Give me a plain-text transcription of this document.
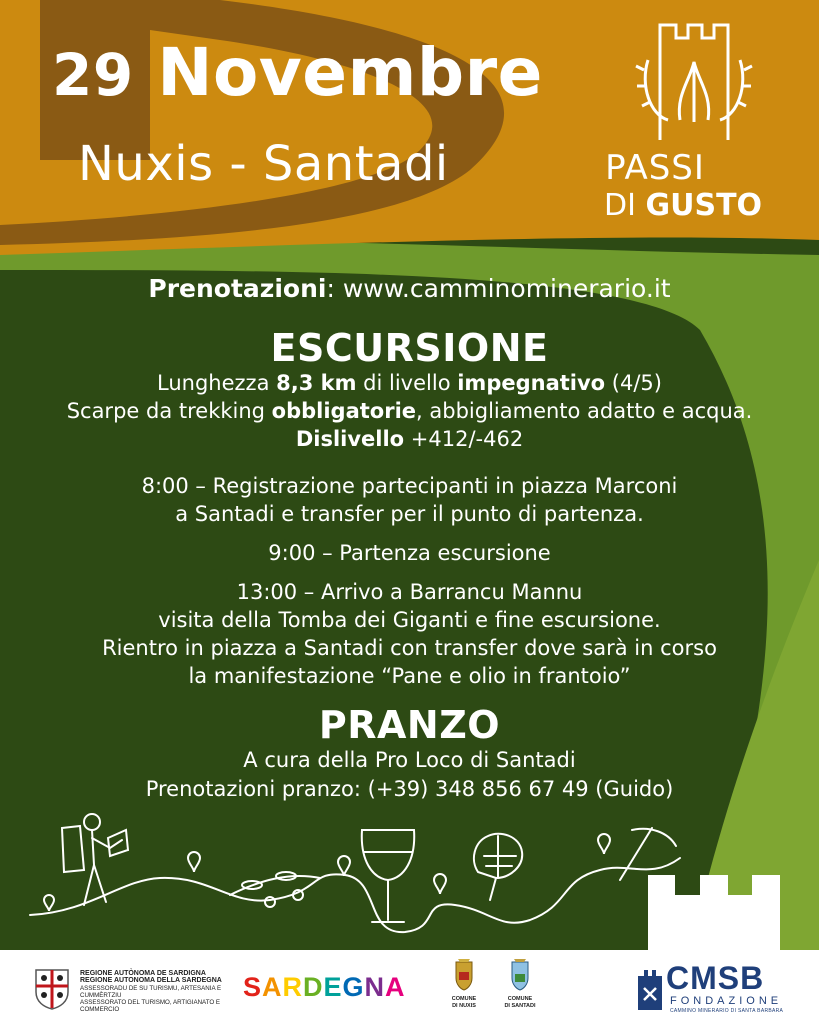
29 Novembre
Nuxis - Santadi	PASSI
DI GUSTO
Prenotazioni: www.camminominerario.it
ESCURSIONE
Lunghezza 8,3 km di livello impegnativo (4/5)
Scarpe da trekking obbligatorie, abbigliamento adatto e acqua.
Dislivello +412/-462
8:00 – Registrazione partecipanti in piazza Marconi
a Santadi e transfer per il punto di partenza.
9:00 – Partenza escursione
13:00 – Arrivo a Barrancu Mannu
visita della Tomba dei Giganti e fine escursione.
Rientro in piazza a Santadi con transfer dove sarà in corso
la manifestazione “Pane e olio in frantoio”
PRANZO
A cura della Pro Loco di Santadi
Prenotazioni pranzo: (+39) 348 856 67 49 (Guido)
REGIONE AUTÒNOMA DE SARDIGNA
REGIONE AUTONOMA DELLA SARDEGNA
ASSESSORADU DE SU TURISMU, ARTESANIA E CUMMÈRTZIU
ASSESSORATO DEL TURISMO, ARTIGIANATO E COMMERCIO
SARDEGNA	COMUNE
DI NUXIS
COMUNE
DI SANTADI
CMSB
FONDAZIONE
CAMMINO MINERARIO DI SANTA BARBARA
